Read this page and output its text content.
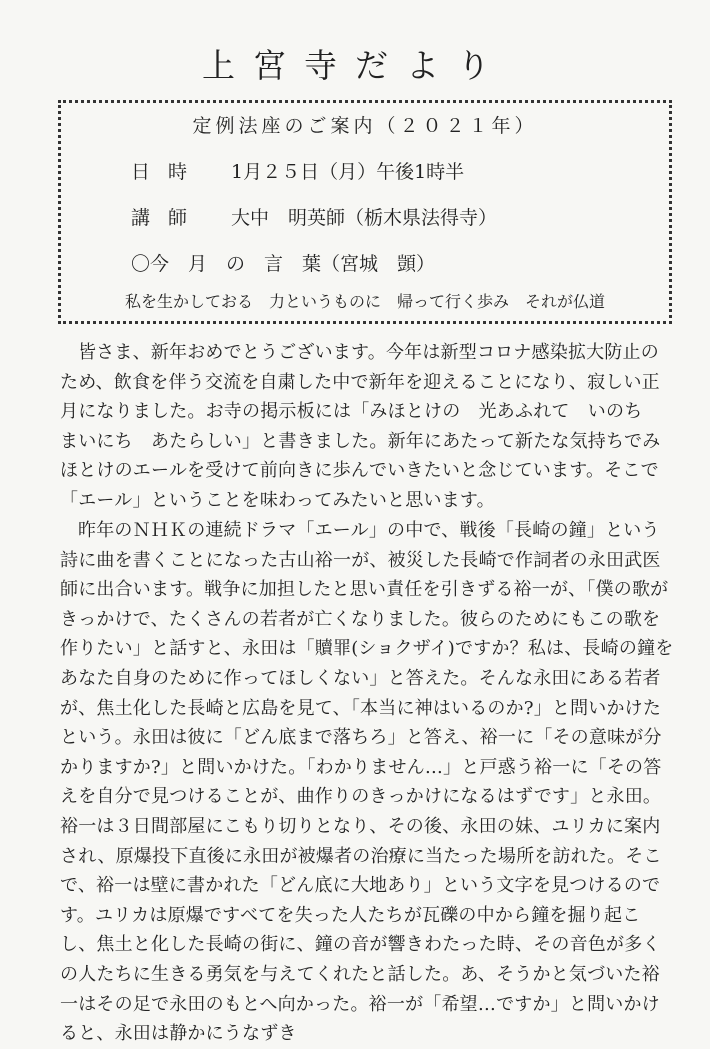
上宮寺だより
定例法座のご案内（２０２１年）
日時 1月２５日（月）午後1時半
講師 大中　明英師（栃木県法得寺）
〇今　月　の　言　葉（宮城　顗）
私を生かしておる　力というものに　帰って行く歩み　それが仏道

皆さま、新年おめでとうございます。今年は新型コロナ感染拡大防止のため、飲食を伴う交流を自粛した中で新年を迎えることになり、寂しい正月になりました。お寺の掲示板には「みほとけの　光あふれて　いのち　まいにち　あたらしい」と書きました。新年にあたって新たな気持ちでみほとけのエールを受けて前向きに歩んでいきたいと念じています。そこで「エール」ということを味わってみたいと思います。

昨年のＮＨＫの連続ドラマ「エール」の中で、戦後「長崎の鐘」という詩に曲を書くことになった古山裕一が、被災した長崎で作詞者の永田武医師に出合います。戦争に加担したと思い責任を引きずる裕一が、「僕の歌がきっかけで、たくさんの若者が亡くなりました。彼らのためにもこの歌を作りたい」と話すと、永田は「贖罪(ショクザイ)ですか？私は、長崎の鐘をあなた自身のために作ってほしくない」と答えた。そんな永田にある若者が、焦土化した長崎と広島を見て、「本当に神はいるのか?」と問いかけたという。永田は彼に「どん底まで落ちろ」と答え、裕一に「その意味が分かりますか?」と問いかけた。「わかりません…」と戸惑う裕一に「その答えを自分で見つけることが、曲作りのきっかけになるはずです」と永田。裕一は３日間部屋にこもり切りとなり、その後、永田の妹、ユリカに案内され、原爆投下直後に永田が被爆者の治療に当たった場所を訪れた。そこで、裕一は壁に書かれた「どん底に大地あり」という文字を見つけるのです。ユリカは原爆ですべてを失った人たちが瓦礫の中から鐘を掘り起こし、焦土と化した長崎の街に、鐘の音が響きわたった時、その音色が多くの人たちに生きる勇気を与えてくれたと話した。あ、そうかと気づいた裕一はその足で永田のもとへ向かった。裕一が「希望…ですか」と問いかけると、永田は静かにうなずき
